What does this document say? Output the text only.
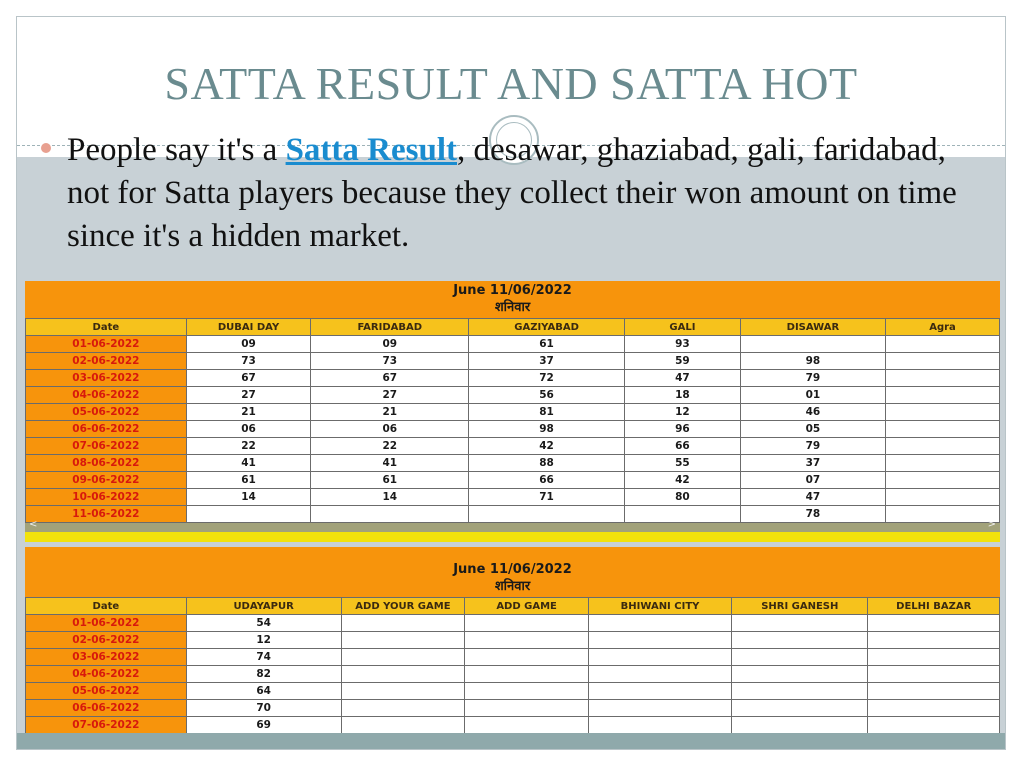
SATTA RESULT AND SATTA HOT
People say it's a Satta Result, desawar, ghaziabad, gali, faridabad, not for Satta players because they collect their won amount on time since it's a hidden market.
June 11/06/2022
शनिवार
Date	DUBAI DAY	FARIDABAD	GAZIYABAD	GALI	DISAWAR	Agra
01-06-2022	09	09	61	93		
02-06-2022	73	73	37	59	98	
03-06-2022	67	67	72	47	79	
04-06-2022	27	27	56	18	01	
05-06-2022	21	21	81	12	46	
06-06-2022	06	06	98	96	05	
07-06-2022	22	22	42	66	79	
08-06-2022	41	41	88	55	37	
09-06-2022	61	61	66	42	07	
10-06-2022	14	14	71	80	47	
11-06-2022					78	
<	>
June 11/06/2022
शनिवार
Date	UDAYAPUR	ADD YOUR GAME	ADD GAME	BHIWANI CITY	SHRI GANESH	DELHI BAZAR
01-06-2022	54					
02-06-2022	12					
03-06-2022	74					
04-06-2022	82					
05-06-2022	64					
06-06-2022	70					
07-06-2022	69					
